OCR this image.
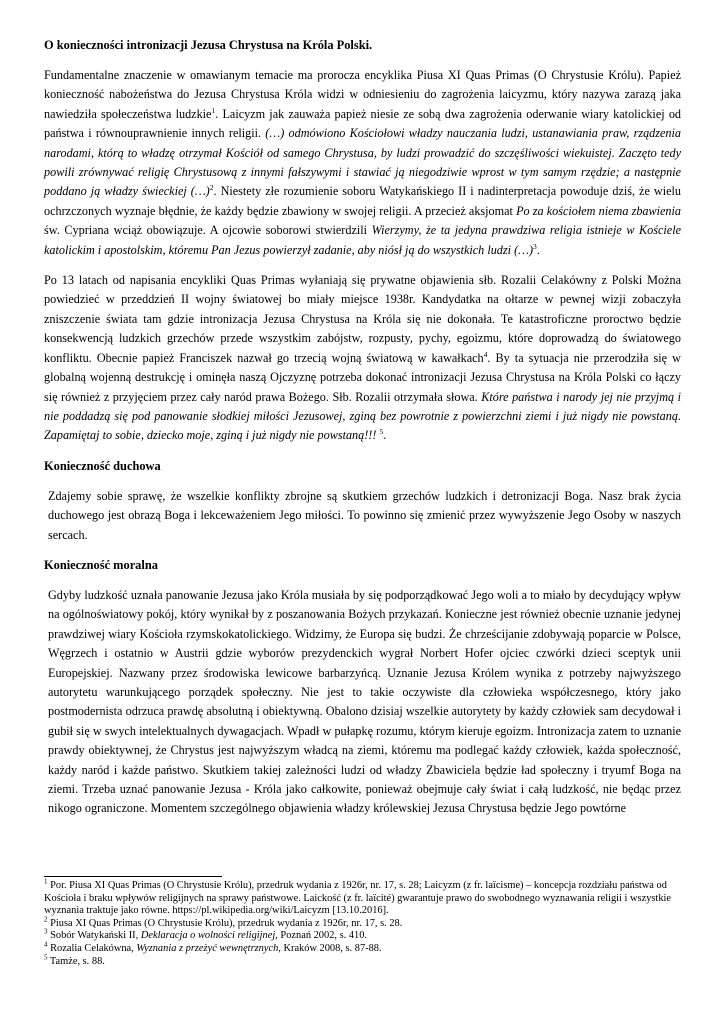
O konieczności intronizacji Jezusa Chrystusa na Króla Polski.

Fundamentalne znaczenie w omawianym temacie ma proroczа encyklika Piusa XI Quas Primas (O Chrystusie Królu). Papież konieczność nabożeństwa do Jezusa Chrystusa Króla widzi w odniesieniu do zagrożenia laicyzmu, który nazywa zarazą jaka nawiedziła społeczeństwa ludzkie$^1$. Laicyzm jak zauważa papież niesie ze sobą dwa zagrożenia oderwanie wiary katolickiej od państwa i równouprawnienie innych religii. (…) odmówiono Kościołowi władzy nauczania ludzi, ustanawiania praw, rządzenia narodami, którą to władzę otrzymał Kościół od samego Chrystusa, by ludzi prowadzić do szczęśliwości wiekuistej. Zaczęto tedy powili zrównywać religię Chrystusową z innymi fałszywymi i stawiać ją niegodziwie wprost w tym samym rzędzie; a następnie poddano ją władzy świeckiej (…)$^2$. Niestety złe rozumienie soboru Watykańskiego II i nadinterpretacja powoduje dziś, że wielu ochrzczonych wyznaje błędnie, że każdy będzie zbawiony w swojej religii. A przecież aksjomat Po za kościołem niema zbawienia św. Cypriana wciąż obowiązuje. A ojcowie soborowi stwierdzili Wierzymy, że ta jedyna prawdziwa religia istnieje w Kościele katolickim i apostolskim, któremu Pan Jezus powierzył zadanie, aby niósł ją do wszystkich ludzi (…)$^3$.

Po 13 latach od napisania encykliki Quas Primas wyłaniają się prywatne objawienia słb. Rozalii Celakówny z Polski Można powiedzieć w przeddzień II wojny światowej bo miały miejsce 1938r. Kandydatka na ołtarze w pewnej wizji zobaczyła zniszczenie świata tam gdzie intronizacja Jezusa Chrystusa na Króla się nie dokonała. Te katastroficzne proroctwo będzie konsekwencją ludzkich grzechów przede wszystkim zabójstw, rozpusty, pychy, egoizmu, które doprowadzą do światowego konfliktu. Obecnie papież Franciszek nazwał go trzecią wojną światową w kawałkach$^4$. By ta sytuacja nie przerodziła się w globalną wojenną destrukcję i ominęła naszą Ojczyznę potrzeba dokonać intronizacji Jezusa Chrystusa na Króla Polski co łączy się również z przyjęciem przez cały naród prawa Bożego. Słb. Rozalii otrzymała słowa. Które państwa i narody jej nie przyjmą i nie poddadzą się pod panowanie słodkiej miłości Jezusowej, zginą bez powrotnie z powierzchni ziemi i już nigdy nie powstaną. Zapamiętaj to sobie, dziecko moje, zginą i już nigdy nie powstaną!!! $^5$.

Konieczność duchowa

Zdajemy sobie sprawę, że wszelkie konflikty zbrojne są skutkiem grzechów ludzkich i detronizacji Boga. Nasz brak życia duchowego jest obrazą Boga i lekceważeniem Jego miłości. To powinno się zmienić przez wywyższenie Jego Osoby w naszych sercach.

Konieczność moralna

Gdyby ludzkość uznała panowanie Jezusa jako Króla musiała by się podporządkować Jego woli a to miało by decydujący wpływ na ogólnoświatowy pokój, który wynikał by z poszanowania Bożych przykazań. Konieczne jest również obecnie uznanie jedynej prawdziwej wiary Kościoła rzymskokatolickiego. Widzimy, że Europa się budzi. Że chrześcijanie zdobywają poparcie w Polsce, Węgrzech i ostatnio w Austrii gdzie wyborów prezydenckich wygrał Norbert Hofer ojciec czwórki dzieci sceptyk unii Europejskiej. Nazwany przez środowiska lewicowe barbarzyńcą. Uznanie Jezusa Królem wynika z potrzeby najwyższego autorytetu warunkującego porządek społeczny. Nie jest to takie oczywiste dla człowieka współczesnego, który jako postmodernista odrzuca prawdę absolutną i obiektywną. Obalono dzisiaj wszelkie autorytety by każdy człowiek sam decydował i gubił się w swych intelektualnych dywagacjach. Wpadł w pułapkę rozumu, którym kieruje egoizm. Intronizacja zatem to uznanie prawdy obiektywnej, że Chrystus jest najwyższym władcą na ziemi, któremu ma podlegać każdy człowiek, każda społeczność, każdy naród i każde państwo. Skutkiem takiej zależności ludzi od władzy Zbawiciela będzie ład społeczny i tryumf Boga na ziemi. Trzeba uznać panowanie Jezusa - Króla jako całkowite, ponieważ obejmuje cały świat i całą ludzkość, nie będąc przez nikogo ograniczone. Momentem szczególnego objawienia władzy królewskiej Jezusa Chrystusa będzie Jego powtórne

$^1$ Por. Piusa XI Quas Primas (O Chrystusie Królu), przedruk wydania z 1926r, nr. 17, s. 28; Laicyzm (z fr. laïcisme) – koncepcja rozdziału państwa od Kościoła i braku wpływów religijnych na sprawy państwowe. Laickość (z fr. laïcité) gwarantuje prawo do swobodnego wyznawania religii i wszystkie wyznania traktuje jako równe. https://pl.wikipedia.org/wiki/Laicyzm [13.10.2016].

$^2$ Piusa XI Quas Primas (O Chrystusie Królu), przedruk wydania z 1926r, nr. 17, s. 28.

$^3$ Sobór Watykański II, Deklaracja o wolności religijnej, Poznań 2002, s. 410.

$^4$ Rozalia Celakówna, Wyznania z przeżyć wewnętrznych, Kraków 2008, s. 87-88.

$^5$ Tamże, s. 88.
